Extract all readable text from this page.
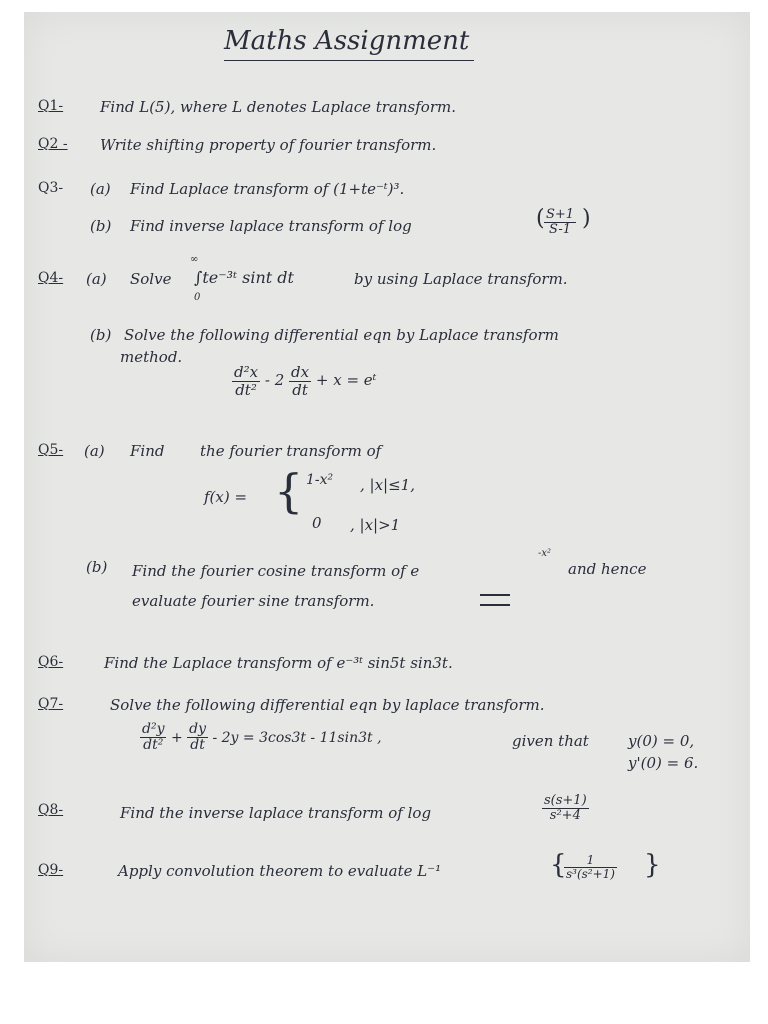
Maths Assignment
Q1- Find L(5), where L denotes Laplace transform.
Q2 - Write shifting property of fourier transform.
Q3- (a) Find Laplace transform of (1+te⁻ᵗ)³.
(b) Find inverse laplace transform of log	( $\frac{S+1}{S-1}$ )
Q4- (a) Solve
∞
0
∫te⁻³ᵗ sint dt	by using Laplace transform.
(b) Solve the following differential eqn by Laplace transform
method.
$\frac{\text{d²x}}{\text{dt²}} - 2 \frac{dx}{dt} + x$ = eᵗ
Q5- (a) Find the fourier transform of
f(x) = { 1-x² , |x|≤1,
0 , |x|>1
(b) Find the fourier cosine transform of e
-x²
and hence
evaluate fourier sine transform.
Q6-	Find the Laplace transform of e⁻³ᵗ sin5t sin3t.
Q7-	Solve the following differential eqn by laplace transform.
$\frac{\text{d²y}}{\text{dt²}} + \frac{dy}{dt} - 2y = 3\cos 3t - 11\sin 3t$ ,	given that	y(0) = 0,
y'(0) = 6.
Q8-	Find the inverse laplace transform of log	$\frac{s(s+1)}{\text{s²+4}}$
Q9-	Apply convolution theorem to evaluate L⁻¹	{
$\frac{1}{\text{s³(s²+1)}}$ }
